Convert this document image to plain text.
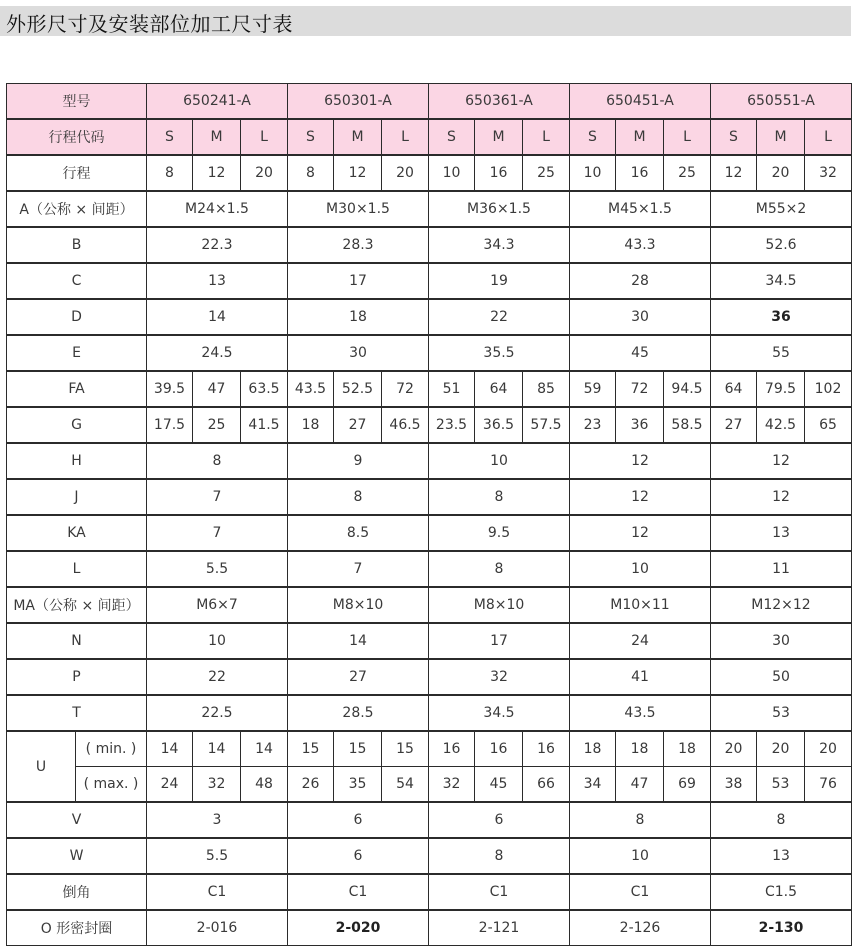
外形尺寸及安装部位加工尺寸表
型号		650241-A			650301-A			650361-A			650451-A			650551-A		
行程代码		S	M	L	S	M	L	S	M	L	S	M	L	S	M	L
行程		8	12	20	8	12	20	10	16	25	10	16	25	12	20	32
A（公称 × 间距）		M24×1.5			M30×1.5			M36×1.5			M45×1.5			M55×2		
B		22.3			28.3			34.3			43.3			52.6		
C		13			17			19			28			34.5		
D		14			18			22			30			36		
E		24.5			30			35.5			45			55		
FA		39.5	47	63.5	43.5	52.5	72	51	64	85	59	72	94.5	64	79.5	102
G		17.5	25	41.5	18	27	46.5	23.5	36.5	57.5	23	36	58.5	27	42.5	65
H		8			9			10			12			12		
J		7			8			8			12			12		
KA		7			8.5			9.5			12			13		
L		5.5			7			8			10			11		
MA（公称 × 间距）		M6×7			M8×10			M8×10			M10×11			M12×12		
N		10			14			17			24			30		
P		22			27			32			41			50		
T		22.5			28.5			34.5			43.5			53		
U	( min. )	14	14	14	15	15	15	16	16	16	18	18	18	20	20	20
	( max. )	24	32	48	26	35	54	32	45	66	34	47	69	38	53	76
V		3			6			6			8			8		
W		5.5			6			8			10			13		
倒角		C1			C1			C1			C1			C1.5		
O 形密封圈		2-016			2-020			2-121			2-126			2-130		
